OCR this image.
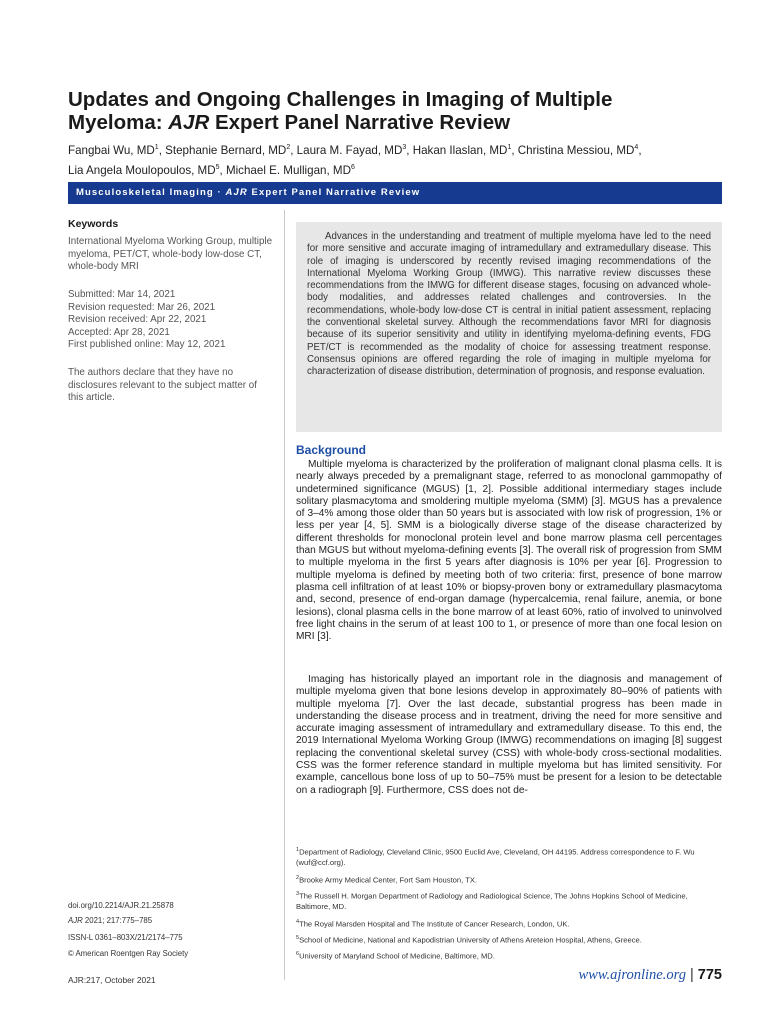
Updates and Ongoing Challenges in Imaging of Multiple
Myeloma: AJR Expert Panel Narrative Review
Fangbai Wu, $MD^1$, Stephanie Bernard, $MD^2$, Laura M. Fayad, $MD^3$, Hakan Ilaslan, $MD^1$, Christina Messiou, $MD^4$,
Lia Angela Moulopoulos, $MD^5$, Michael E. Mulligan, $MD^6$
Musculoskeletal Imaging · AJR Expert Panel Narrative Review
Keywords
International Myeloma Working Group, multiple myeloma, PET/CT, whole-body low-dose CT, whole-body MRI
Submitted: Mar 14, 2021
Revision requested: Mar 26, 2021
Revision received: Apr 22, 2021
Accepted: Apr 28, 2021
First published online: May 12, 2021
The authors declare that they have no disclosures relevant to the subject matter of this article.
Advances in the understanding and treatment of multiple myeloma have led to the need for more sensitive and accurate imaging of intramedullary and extramedullary disease. This role of imaging is underscored by recently revised imaging recommendations of the International Myeloma Working Group (IMWG). This narrative review discusses these recommendations from the IMWG for different disease stages, focusing on advanced whole-body modalities, and addresses related challenges and controversies. In the recommendations, whole-body low-dose CT is central in initial patient assessment, replacing the conventional skeletal survey. Although the recommendations favor MRI for diagnosis because of its superior sensitivity and utility in identifying myeloma-defining events, FDG PET/CT is recommended as the modality of choice for assessing treatment response. Consensus opinions are offered regarding the role of imaging in multiple myeloma for characterization of disease distribution, determination of prognosis, and response evaluation.
Background

Multiple myeloma is characterized by the proliferation of malignant clonal plasma cells. It is nearly always preceded by a premalignant stage, referred to as monoclonal gammopathy of undetermined significance (MGUS) [1, 2]. Possible additional intermediary stages include solitary plasmacytoma and smoldering multiple myeloma (SMM) [3]. MGUS has a prevalence of 3–4% among those older than 50 years but is associated with low risk of progression, 1% or less per year [4, 5]. SMM is a biologically diverse stage of the disease characterized by different thresholds for monoclonal protein level and bone marrow plasma cell percentages than MGUS but without myeloma-defining events [3]. The overall risk of progression from SMM to multiple myeloma in the first 5 years after diagnosis is 10% per year [6]. Progression to multiple myeloma is defined by meeting both of two criteria: first, presence of bone marrow plasma cell infiltration of at least 10% or biopsy-proven bony or extramedullary plasmacytoma and, second, presence of end-organ damage (hypercalcemia, renal failure, anemia, or bone lesions), clonal plasma cells in the bone marrow of at least 60%, ratio of involved to uninvolved free light chains in the serum of at least 100 to 1, or presence of more than one focal lesion on MRI [3].

Imaging has historically played an important role in the diagnosis and management of multiple myeloma given that bone lesions develop in approximately 80–90% of patients with multiple myeloma [7]. Over the last decade, substantial progress has been made in understanding the disease process and in treatment, driving the need for more sensitive and accurate imaging assessment of intramedullary and extramedullary disease. To this end, the 2019 International Myeloma Working Group (IMWG) recommendations on imaging [8] suggest replacing the conventional skeletal survey (CSS) with whole-body cross-sectional modalities. CSS was the former reference standard in multiple myeloma but has limited sensitivity. For example, cancellous bone loss of up to 50–75% must be present for a lesion to be detectable on a radiograph [9]. Furthermore, CSS does not de-

$^1$Department of Radiology, Cleveland Clinic, 9500 Euclid Ave, Cleveland, OH 44195. Address correspondence to F. Wu (wuf@ccf.org).
$^2$Brooke Army Medical Center, Fort Sam Houston, TX.
$^3$The Russell H. Morgan Department of Radiology and Radiological Science, The Johns Hopkins School of Medicine, Baltimore, MD.
$^4$The Royal Marsden Hospital and The Institute of Cancer Research, London, UK.
$^5$School of Medicine, National and Kapodistrian University of Athens Areteion Hospital, Athens, Greece.
$^6$University of Maryland School of Medicine, Baltimore, MD.
doi.org/10.2214/AJR.21.25878
AJR 2021; 217:775–785
ISSN-L 0361–803X/21/2174–775
© American Roentgen Ray Society
AJR:217, October 2021	www.ajronline.org | 775
